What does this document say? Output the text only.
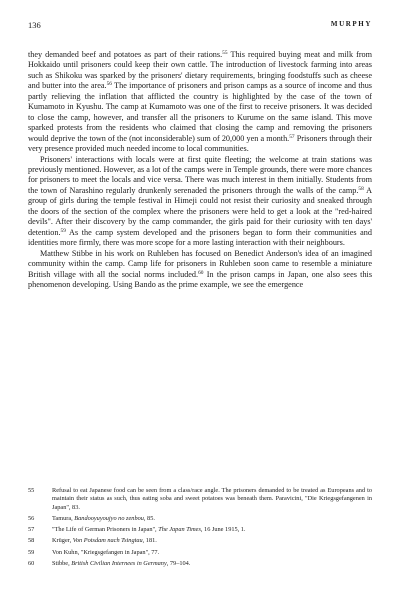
136	MURPHY

they demanded beef and potatoes as part of their rations.$^{55}$ This required buying meat and milk from Hokkaido until prisoners could keep their own cattle. The introduction of livestock farming into areas such as Shikoku was sparked by the prisoners' dietary requirements, bringing foodstuffs such as cheese and butter into the area.$^{56}$ The importance of prisoners and prison camps as a source of income and thus partly relieving the inflation that afflicted the country is highlighted by the case of the town of Kumamoto in Kyushu. The camp at Kumamoto was one of the first to receive prisoners. It was decided to close the camp, however, and transfer all the prisoners to Kurume on the same island. This move sparked protests from the residents who claimed that closing the camp and removing the prisoners would deprive the town of the (not inconsiderable) sum of 20,000 yen a month.$^{57}$ Prisoners through their very presence provided much needed income to local communities.

Prisoners' interactions with locals were at first quite fleeting; the welcome at train stations was previously mentioned. However, as a lot of the camps were in Temple grounds, there were more chances for prisoners to meet the locals and vice versa. There was much interest in them initially. Students from the town of Narashino regularly drunkenly serenaded the prisoners through the walls of the camp.$^{58}$ A group of girls during the temple festival in Himeji could not resist their curiosity and sneaked through the doors of the section of the complex where the prisoners were held to get a look at the "red-haired devils". After their discovery by the camp commander, the girls paid for their curiosity with ten days' detention.$^{59}$ As the camp system developed and the prisoners began to form their communities and identities more firmly, there was more scope for a more lasting interaction with their neighbours.

Matthew Stibbe in his work on Ruhleben has focused on Benedict Anderson's idea of an imagined community within the camp. Camp life for prisoners in Ruhleben soon came to resemble a miniature British village with all the social norms included.$^{60}$ In the prison camps in Japan, one also sees this phenomenon developing. Using Bando as the prime example, we see the emergence

55	Refusal to eat Japanese food can be seen from a class/race angle. The prisoners demanded to be treated as Europeans and to maintain their status as such, thus eating soba and sweet potatoes was beneath them. Paravicini, "Die Kriegsgefangenen in Japan", 83.
56	Tamura, Bandooyuyoujyo no zenbou, 85.
57	"The Life of German Prisoners in Japan", The Japan Times, 16 June 1915, 1.
58	Krüger, Von Potsdam nach Tsingtau, 181.
59	Von Kuhn, "Kriegsgefangen in Japan", 77.
60	Stibbe, British Civilian Internees in Germany, 79–104.
